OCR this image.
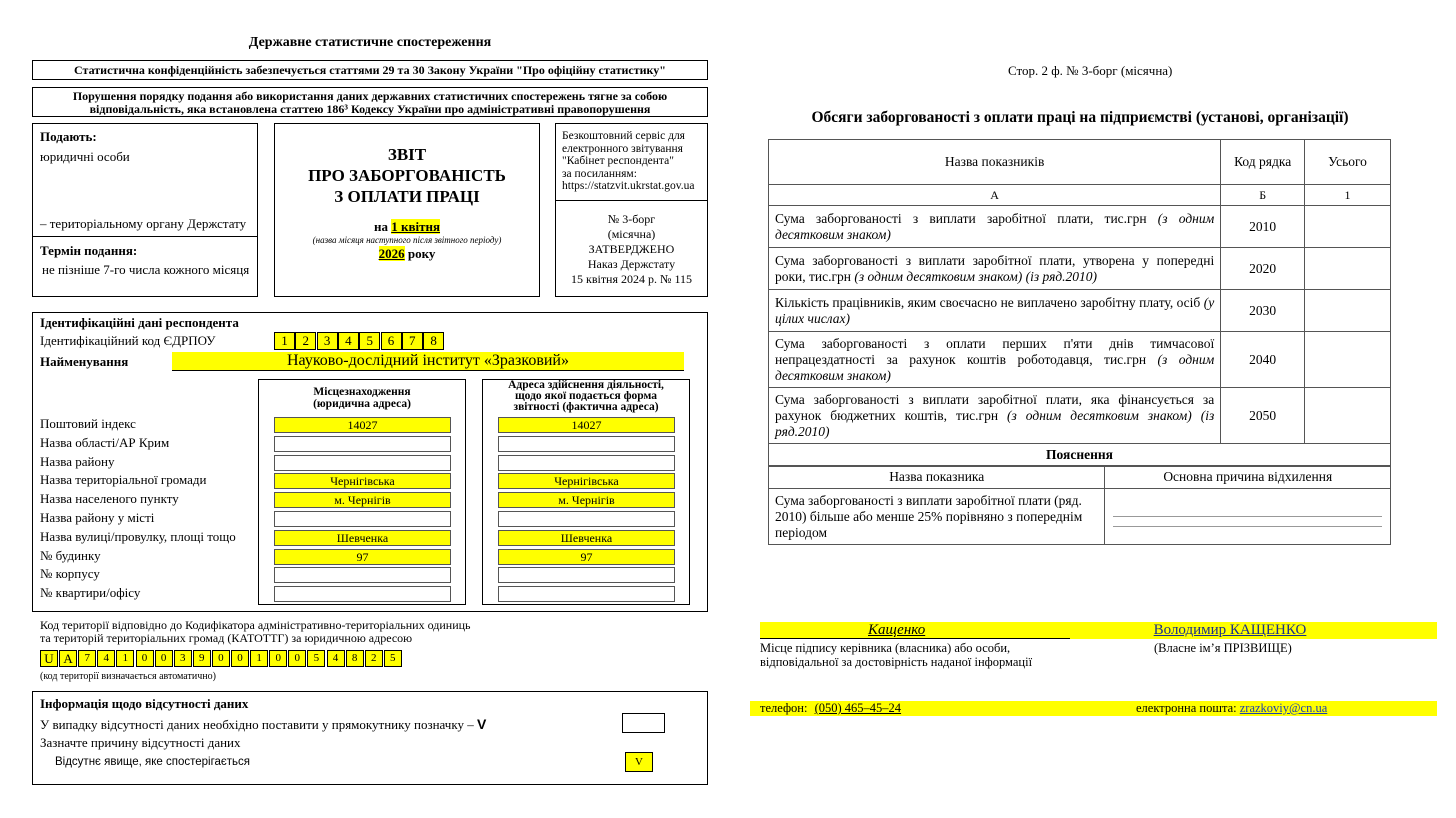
Державне статистичне спостереження
Статистична конфіденційність забезпечується статтями 29 та 30 Закону України "Про офіційну статистику"
Порушення порядку подання або використання даних державних статистичних спостережень тягне за собою
відповідальність, яка встановлена статтею 186³ Кодексу України про адміністративні правопорушення
Подають:
юридичні особи
– територіальному органу Держстату
Термін подання:
не пізніше 7-го числа кожного місяця
ЗВІТ
ПРО ЗАБОРГОВАНІСТЬ
З ОПЛАТИ ПРАЦІ
на 1 квітня
(назва місяця наступного після звітного періоду)
2026 року
Безкоштовний сервіс для
електронного звітування
"Кабінет респондента"
за посиланням:
https://statzvit.ukrstat.gov.ua
№ 3-борг
(місячна)
ЗАТВЕРДЖЕНО
Наказ Держстату
15 квітня 2024 р. № 115
Ідентифікаційні дані респондента
Ідентифікаційний код ЄДРПОУ	1	2	3	4	5	6	7	8
Найменування	Науково-дослідний інститут «Зразковий»
Місцезнаходження
(юридична адреса)
Адреса здійснення діяльності,
щодо якої подається форма
звітності (фактична адреса)
Поштовий індекс	14027	14027
Назва області/АР Крим
Назва району
Назва територіальної громади	Чернігівська	Чернігівська
Назва населеного пункту	м. Чернігів	м. Чернігів
Назва району у місті
Назва вулиці/провулку, площі тощо	Шевченка	Шевченка
№ будинку	97	97
№ корпусу
№ квартири/офісу
Код території відповідно до Кодифікатора адміністративно-територіальних одиниць
та територій територіальних громад (КАТОТТГ) за юридичною адресою
U A	7	4	1	0	0	3	9	0	0	1	0	0	5	4	8	2	5
(код території визначається автоматично)
Інформація щодо відсутності даних
У випадку відсутності даних необхідно поставити у прямокутнику позначку – V
Зазначте причину відсутності даних
Відсутнє явище, яке спостерігається	V
Стор. 2 ф. № 3-борг (місячна)
Обсяги заборгованості з оплати праці на підприємстві (установі, організації)
Назва показників	Код рядка	Усього
А	Б	1
Сума заборгованості з виплати заробітної плати, тис.грн (з одним десятковим знаком)	2010	
Сума заборгованості з виплати заробітної плати, утворена у попередні роки, тис.грн (з одним десятковим знаком) (із ряд.2010)	2020	
Кількість працівників, яким своєчасно не виплачено заробітну плату, осіб (у цілих числах)	2030	
Сума заборгованості з оплати перших п'яти днів тимчасової непрацездатності за рахунок коштів роботодавця, тис.грн (з одним десятковим знаком)	2040	
Сума заборгованості з виплати заробітної плати, яка фінансується за рахунок бюджетних коштів, тис.грн (з одним десятковим знаком) (із ряд.2010)	2050	
Пояснення		
Назва показника	Основна причина відхилення
Сума заборгованості з виплати заробітної плати (ряд. 2010) більше або менше 25% порівняно з попереднім періодом	
Кащенко	Володимир КАЩЕНКО
Місце підпису керівника (власника) або особи,
відповідальної за достовірність наданої інформації
(Власне ім’я ПРІЗВИЩЕ)
телефон: (050) 465–45–24	електронна пошта: zrazkoviy@cn.ua
